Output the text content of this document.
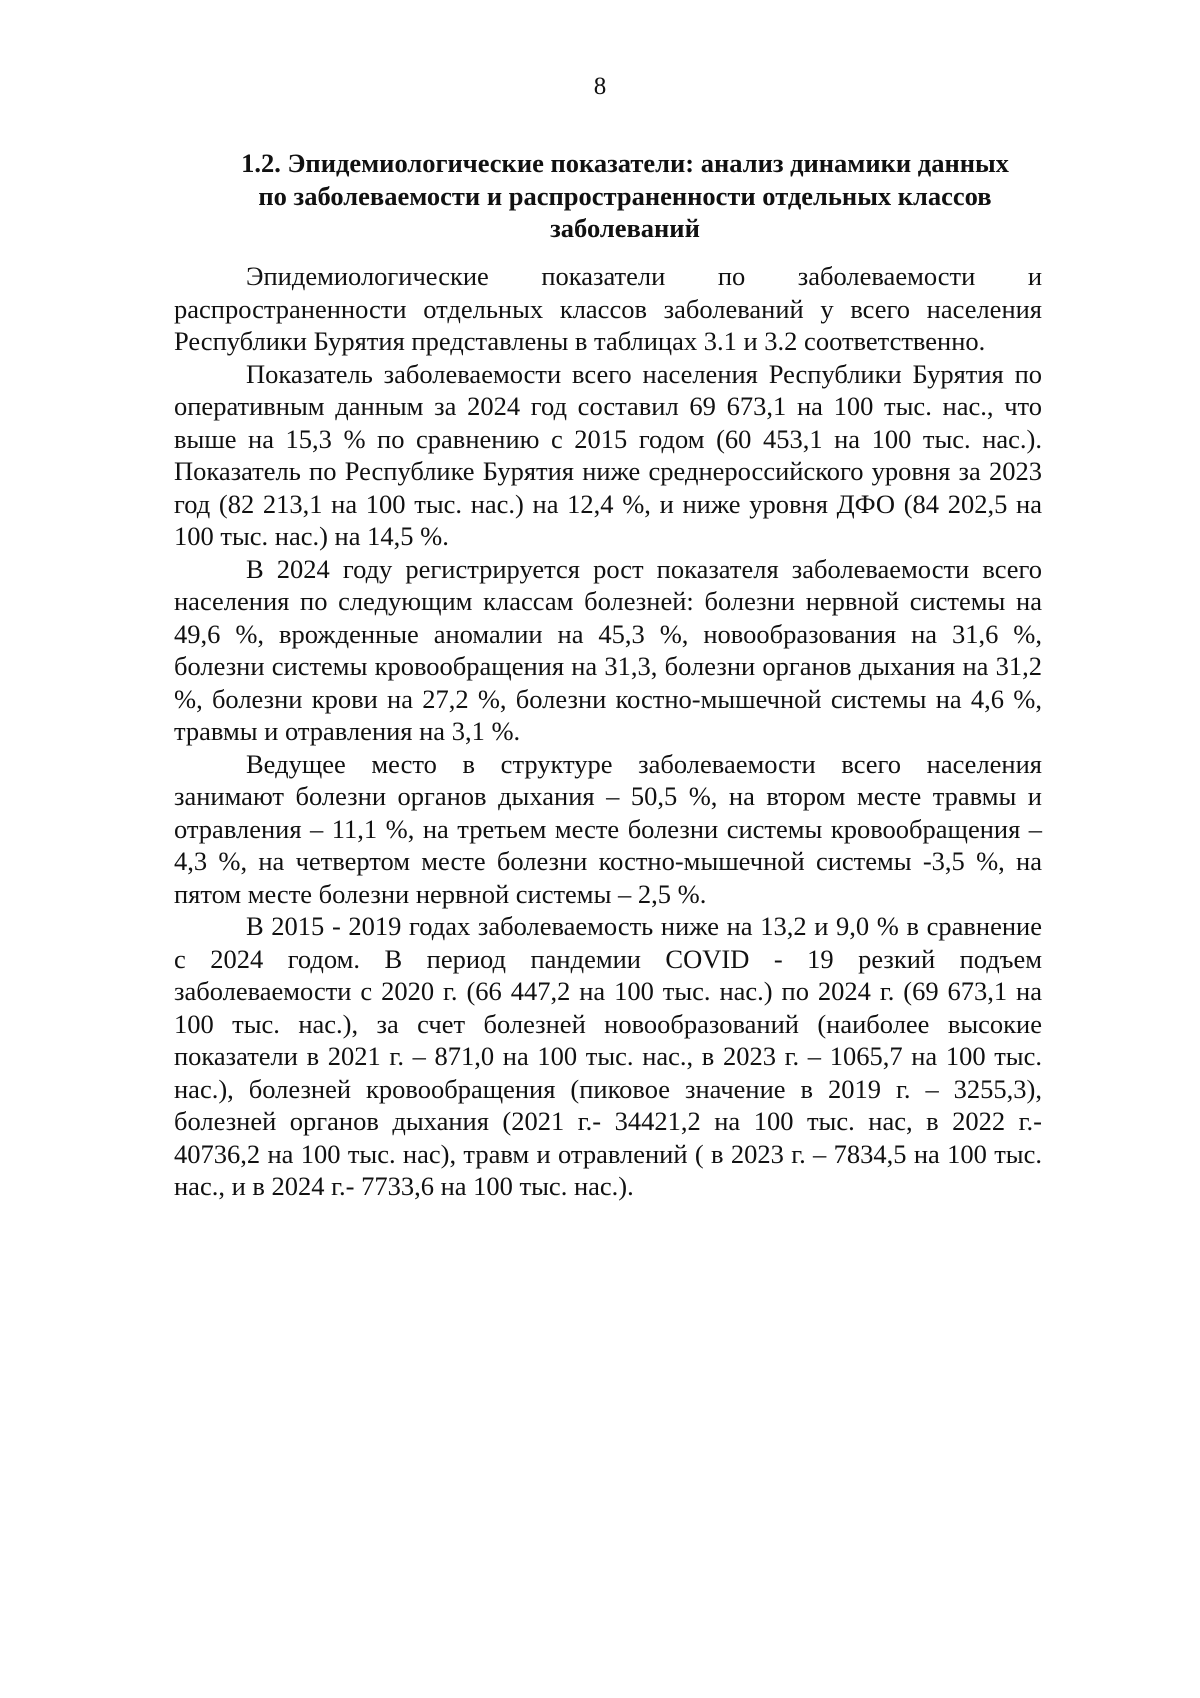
8
1.2. Эпидемиологические показатели: анализ динамики данных
по заболеваемости и распространенности отдельных классов
заболеваний

Эпидемиологические показатели по заболеваемости и распространенности отдельных классов заболеваний у всего населения Республики Бурятия представлены в таблицах 3.1 и 3.2 соответственно.

Показатель заболеваемости всего населения Республики Бурятия по оперативным данным за 2024 год составил 69 673,1 на 100 тыс. нас., что выше на 15,3 % по сравнению с 2015 годом (60 453,1 на 100 тыс. нас.). Показатель по Республике Бурятия ниже среднероссийского уровня за 2023 год (82 213,1 на 100 тыс. нас.) на 12,4 %, и ниже уровня ДФО (84 202,5 на 100 тыс. нас.) на 14,5 %.

В 2024 году регистрируется рост показателя заболеваемости всего населения по следующим классам болезней: болезни нервной системы на 49,6 %, врожденные аномалии на 45,3 %, новообразования на 31,6 %, болезни системы кровообращения на 31,3, болезни органов дыхания на 31,2 %, болезни крови на 27,2 %, болезни костно-мышечной системы на 4,6 %, травмы и отравления на 3,1 %.

Ведущее место в структуре заболеваемости всего населения занимают болезни органов дыхания – 50,5 %, на втором месте травмы и отравления – 11,1 %, на третьем месте болезни системы кровообращения – 4,3 %, на четвертом месте болезни костно-мышечной системы -3,5 %, на пятом месте болезни нервной системы – 2,5 %.

В 2015 - 2019 годах заболеваемость ниже на 13,2 и 9,0 % в сравнение с 2024 годом. В период пандемии COVID - 19 резкий подъем заболеваемости с 2020 г. (66 447,2 на 100 тыс. нас.) по 2024 г. (69 673,1 на 100 тыс. нас.), за счет болезней новообразований (наиболее высокие показатели в 2021 г. – 871,0 на 100 тыс. нас., в 2023 г. – 1065,7 на 100 тыс. нас.), болезней кровообращения (пиковое значение в 2019 г. – 3255,3), болезней органов дыхания (2021 г.- 34421,2 на 100 тыс. нас, в 2022 г.- 40736,2 на 100 тыс. нас), травм и отравлений ( в 2023 г. – 7834,5 на 100 тыс. нас., и в 2024 г.- 7733,6 на 100 тыс. нас.).
